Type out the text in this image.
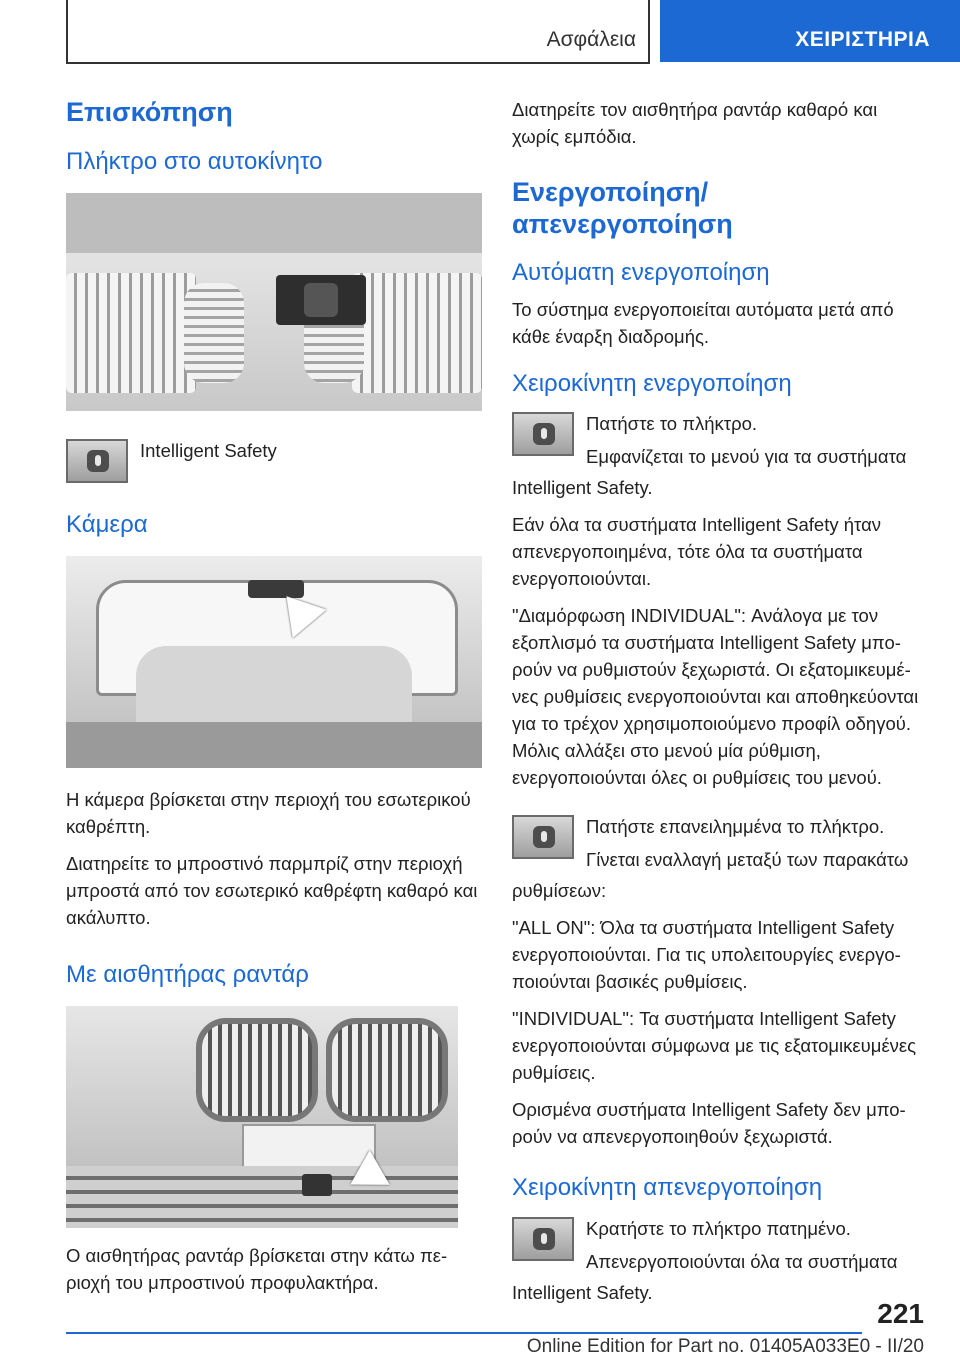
Ασφάλεια	ΧΕΙΡΙΣΤΗΡΙΑ
Επισκόπηση
Πλήκτρο στο αυτοκίνητο

Intelligent Safety

Κάμερα

Η κάμερα βρίσκεται στην περιοχή του εσωτερικού καθρέπτη.

Διατηρείτε το μπροστινό παρμπρίζ στην περιοχή μπροστά από τον εσωτερικό καθρέφτη καθαρό και ακάλυπτο.

Με αισθητήρας ραντάρ

Ο αισθητήρας ραντάρ βρίσκεται στην κάτω περιοχή του μπροστινού προφυλακτήρα.

Διατηρείτε τον αισθητήρα ραντάρ καθαρό και χωρίς εμπόδια.

Ενεργοποίηση/απενεργοποίηση
Αυτόματη ενεργοποίηση

Το σύστημα ενεργοποιείται αυτόματα μετά από κάθε έναρξη διαδρομής.

Χειροκίνητη ενεργοποίηση

Πατήστε το πλήκτρο.

Εμφανίζεται το μενού για τα συστήματα

Intelligent Safety.

Εάν όλα τα συστήματα Intelligent Safety ήταν απενεργοποιημένα, τότε όλα τα συστήματα ενεργοποιούνται.

"Διαμόρφωση INDIVIDUAL": Ανάλογα με τον εξοπλισμό τα συστήματα Intelligent Safety μπορούν να ρυθμιστούν ξεχωριστά. Οι εξατομικευμένες ρυθμίσεις ενεργοποιούνται και αποθηκεύονται για το τρέχον χρησιμοποιούμενο προφίλ οδηγού. Μόλις αλλάξει στο μενού μία ρύθμιση, ενεργοποιούνται όλες οι ρυθμίσεις του μενού.

Πατήστε επανειλημμένα το πλήκτρο.

Γίνεται εναλλαγή μεταξύ των παρακάτω

ρυθμίσεων:

"ALL ON": Όλα τα συστήματα Intelligent Safety ενεργοποιούνται. Για τις υπολειτουργίες ενεργοποιούνται βασικές ρυθμίσεις.

"INDIVIDUAL": Τα συστήματα Intelligent Safety ενεργοποιούνται σύμφωνα με τις εξατομικευμένες ρυθμίσεις.

Ορισμένα συστήματα Intelligent Safety δεν μπορούν να απενεργοποιηθούν ξεχωριστά.

Χειροκίνητη απενεργοποίηση

Κρατήστε το πλήκτρο πατημένο.

Απενεργοποιούνται όλα τα συστήματα

Intelligent Safety.

221
Online Edition for Part no. 01405A033E0 - II/20
